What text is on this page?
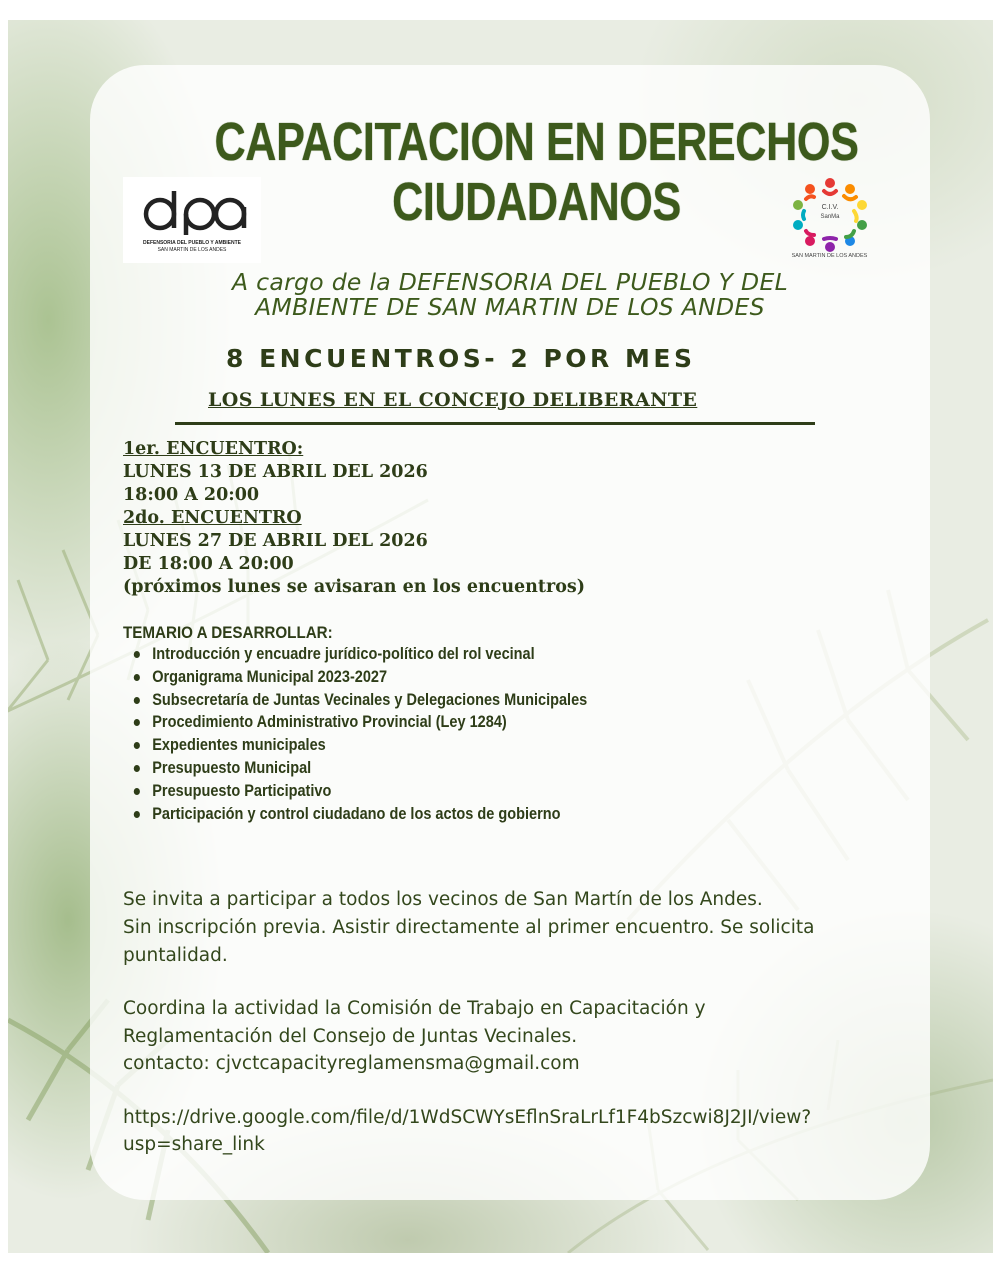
CAPACITACION EN DERECHOS
CIUDADANOS
DEFENSORIA DEL PUEBLO Y AMBIENTE
SAN MARTIN DE LOS ANDES
C.I.V.
SanMa
SAN MARTIN DE LOS ANDES
A cargo de la DEFENSORIA DEL PUEBLO Y DEL
AMBIENTE DE SAN MARTIN DE LOS ANDES
8 ENCUENTROS- 2 POR MES
LOS LUNES EN EL CONCEJO DELIBERANTE
1er. ENCUENTRO:
LUNES 13 DE ABRIL DEL 2026
18:00 A 20:00
2do. ENCUENTRO
LUNES 27 DE ABRIL DEL 2026
DE 18:00 A 20:00
(próximos lunes se avisaran en los encuentros)
TEMARIO A DESARROLLAR:
Introducción y encuadre jurídico-político del rol vecinal
Organigrama Municipal 2023-2027
Subsecretaría de Juntas Vecinales y Delegaciones Municipales
Procedimiento Administrativo Provincial (Ley 1284)
Expedientes municipales
Presupuesto Municipal
Presupuesto Participativo
Participación y control ciudadano de los actos de gobierno
Se invita a participar a todos los vecinos de San Martín de los Andes.
Sin inscripción previa. Asistir directamente al primer encuentro. Se solicita
puntalidad.
Coordina la actividad la Comisión de Trabajo en Capacitación y
Reglamentación del Consejo de Juntas Vecinales.
contacto: cjvctcapacityreglamensma@gmail.com
https://drive.google.com/file/d/1WdSCWYsEflnSraLrLf1F4bSzcwi8J2JI/view?
usp=share_link
